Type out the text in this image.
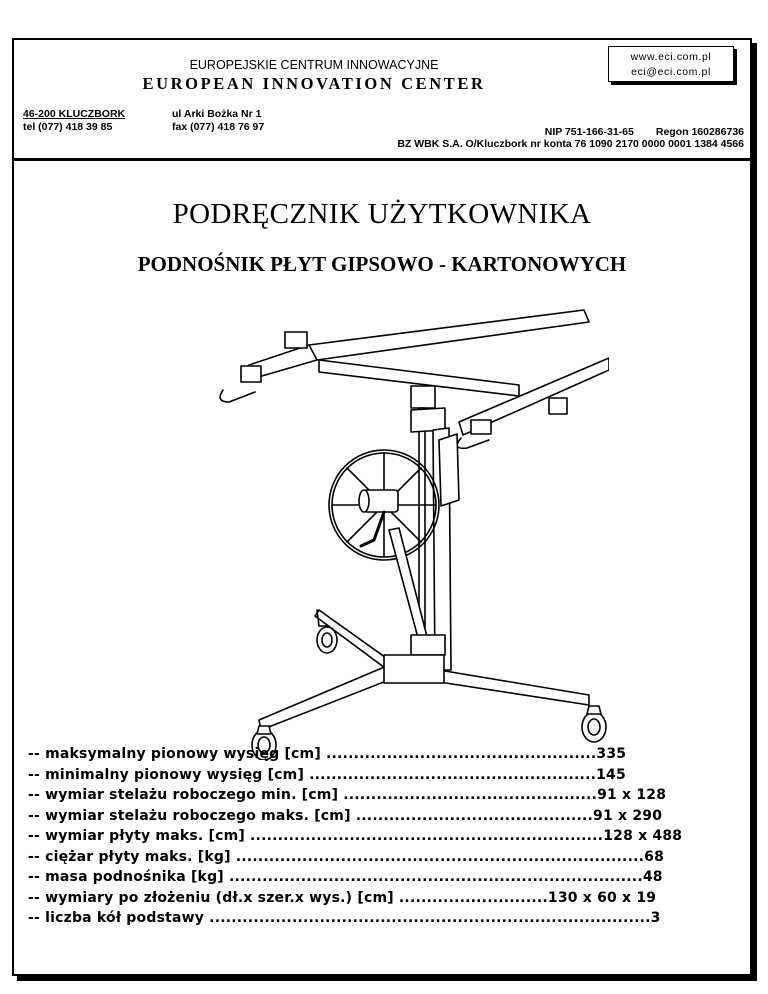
EUROPEJSKIE CENTRUM INNOWACYJNE
EUROPEAN INNOVATION CENTER
www.eci.com.pl
eci@eci.com.pl
46-200 KLUCZBORK
tel (077) 418 39 85
ul Arki Bożka Nr 1
fax (077) 418 76 97	NIP 751-166-31-65 Regon 160286736
BZ WBK S.A. O/Kluczbork nr konta 76 1090 2170 0000 0001 1384 4566
PODRĘCZNIK UŻYTKOWNIKA
PODNOŚNIK PŁYT GIPSOWO - KARTONOWYCH
-- maksymalny pionowy wysięg [cm] .................................................335
-- minimalny pionowy wysięg [cm] ....................................................145
-- wymiar stelażu roboczego min. [cm] ..............................................91 x 128
-- wymiar stelażu roboczego maks. [cm] ...........................................91 x 290
-- wymiar płyty maks. [cm] ................................................................128 x 488
-- ciężar płyty maks. [kg] ..........................................................................68
-- masa podnośnika [kg] ...........................................................................48
-- wymiary po złożeniu (dł.x szer.x wys.) [cm] ...........................130 x 60 x 19
-- liczba kół podstawy ................................................................................3
